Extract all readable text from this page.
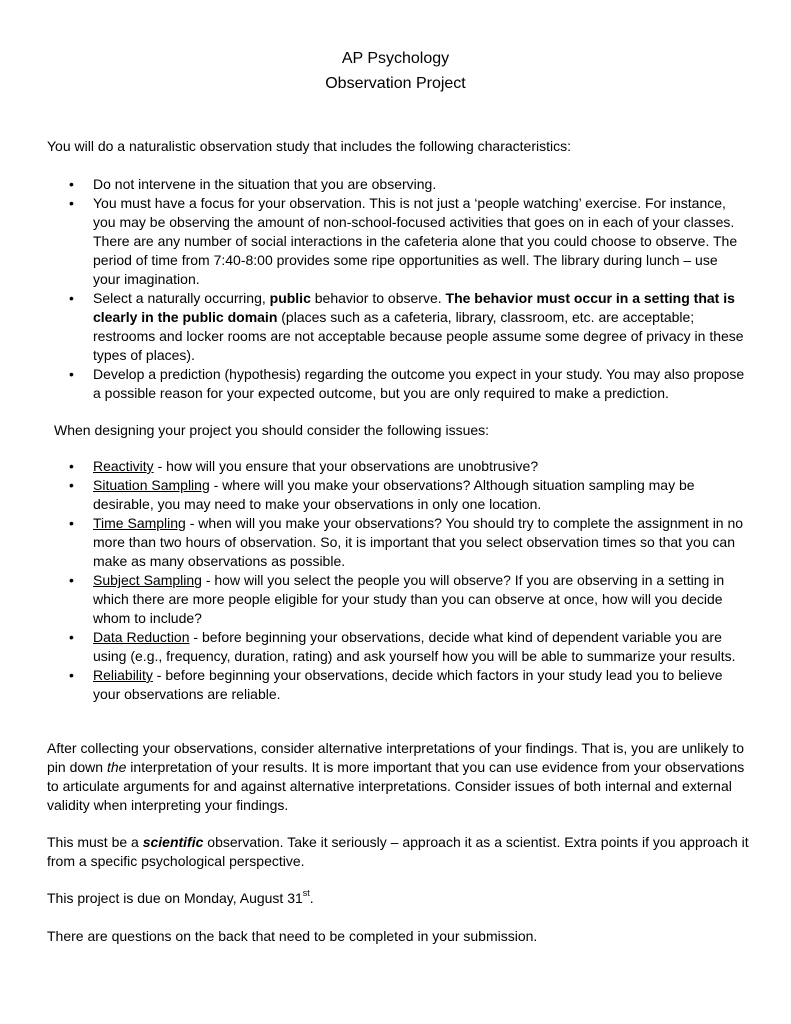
AP Psychology
Observation Project
You will do a naturalistic observation study that includes the following characteristics:
• Do not intervene in the situation that you are observing.
• You must have a focus for your observation. This is not just a ‘people watching’ exercise. For instance, you may be observing the amount of non-school-focused activities that goes on in each of your classes. There are any number of social interactions in the cafeteria alone that you could choose to observe. The period of time from 7:40-8:00 provides some ripe opportunities as well. The library during lunch – use your imagination.
• Select a naturally occurring, public behavior to observe. The behavior must occur in a setting that is clearly in the public domain (places such as a cafeteria, library, classroom, etc. are acceptable; restrooms and locker rooms are not acceptable because people assume some degree of privacy in these types of places).
• Develop a prediction (hypothesis) regarding the outcome you expect in your study. You may also propose a possible reason for your expected outcome, but you are only required to make a prediction.
When designing your project you should consider the following issues:
• Reactivity - how will you ensure that your observations are unobtrusive?
• Situation Sampling - where will you make your observations? Although situation sampling may be desirable, you may need to make your observations in only one location.
• Time Sampling - when will you make your observations? You should try to complete the assignment in no more than two hours of observation. So, it is important that you select observation times so that you can make as many observations as possible.
• Subject Sampling - how will you select the people you will observe? If you are observing in a setting in which there are more people eligible for your study than you can observe at once, how will you decide whom to include?
• Data Reduction - before beginning your observations, decide what kind of dependent variable you are using (e.g., frequency, duration, rating) and ask yourself how you will be able to summarize your results.
• Reliability - before beginning your observations, decide which factors in your study lead you to believe your observations are reliable.
After collecting your observations, consider alternative interpretations of your findings. That is, you are unlikely to pin down the interpretation of your results. It is more important that you can use evidence from your observations to articulate arguments for and against alternative interpretations. Consider issues of both internal and external validity when interpreting your findings.
This must be a scientific observation. Take it seriously – approach it as a scientist. Extra points if you approach it from a specific psychological perspective.
This project is due on Monday, August 31st.
There are questions on the back that need to be completed in your submission.
